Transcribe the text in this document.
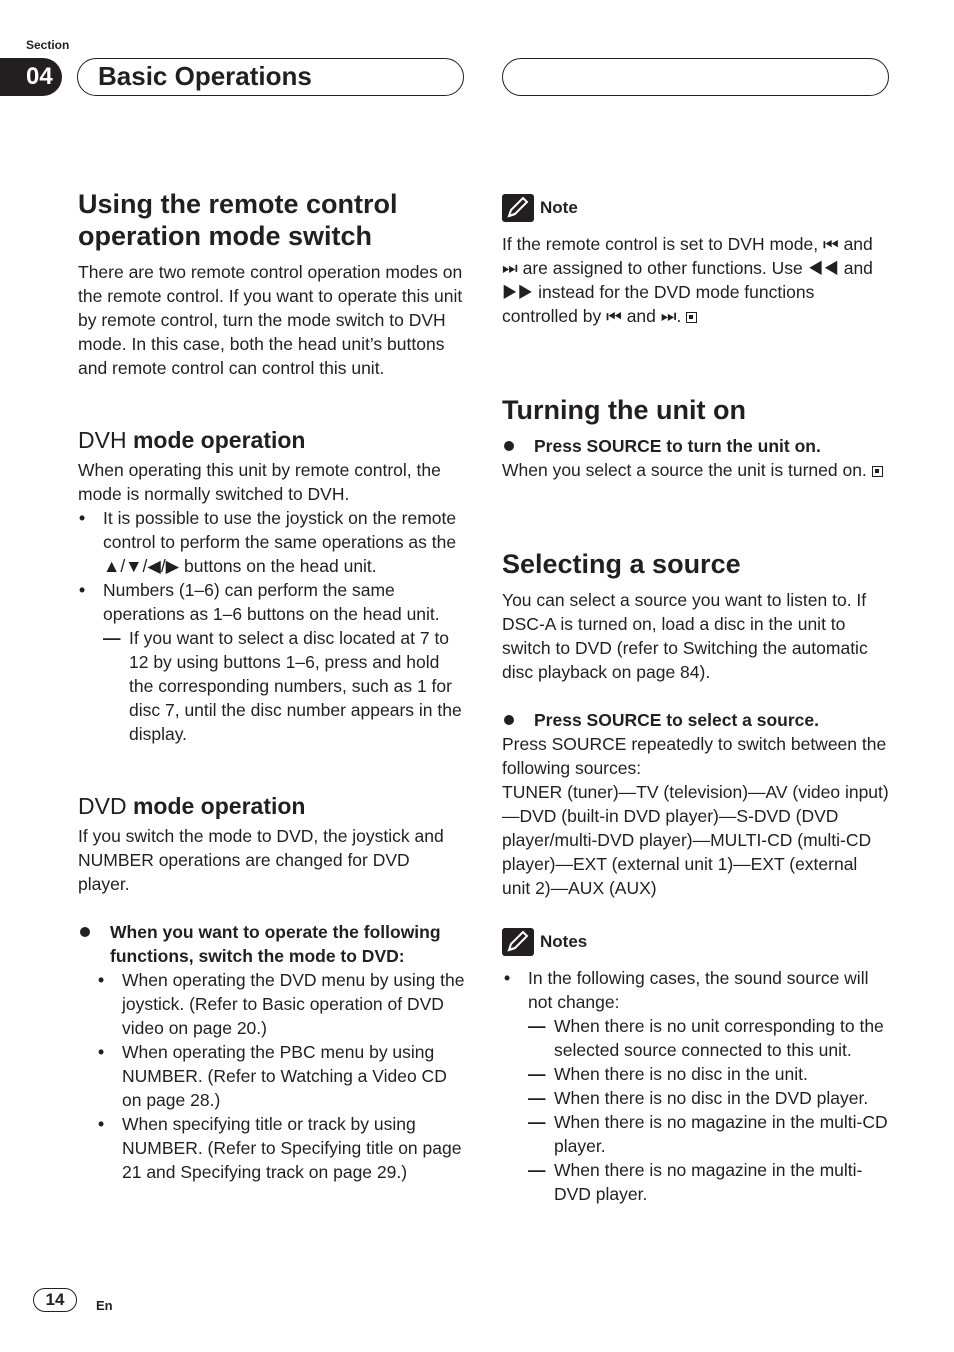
Section
04	Basic Operations
Using the remote control operation mode switch

There are two remote control operation modes on the remote control. If you want to operate this unit by remote control, turn the mode switch to DVH mode. In this case, both the head unit’s buttons and remote control can control this unit.

DVH mode operation

When operating this unit by remote control, the mode is normally switched to DVH.

• It is possible to use the joystick on the remote control to perform the same operations as the ▲/▼/◀/▶ buttons on the head unit.
• Numbers (1–6) can perform the same operations as 1–6 buttons on the head unit.
— If you want to select a disc located at 7 to 12 by using buttons 1–6, press and hold the corresponding numbers, such as 1 for disc 7, until the disc number appears in the display.
DVD mode operation

If you switch the mode to DVD, the joystick and NUMBER operations are changed for DVD player.

When you want to operate the following functions, switch the mode to DVD:

• When operating the DVD menu by using the joystick. (Refer to Basic operation of DVD video on page 20.)
• When operating the PBC menu by using NUMBER. (Refer to Watching a Video CD on page 28.)
• When specifying title or track by using NUMBER. (Refer to Specifying title on page 21 and Specifying track on page 29.)
Note

If the remote control is set to DVH mode, ⏮ and ⏭ are assigned to other functions. Use ◀◀ and ▶▶ instead for the DVD mode functions controlled by ⏮ and ⏭.

Turning the unit on

Press SOURCE to turn the unit on.

When you select a source the unit is turned on.

Selecting a source

You can select a source you want to listen to. If DSC-A is turned on, load a disc in the unit to switch to DVD (refer to Switching the automatic disc playback on page 84).

Press SOURCE to select a source.

Press SOURCE repeatedly to switch between the following sources:

TUNER (tuner)—TV (television)—AV (video input)—DVD (built-in DVD player)—S-DVD (DVD player/multi-DVD player)—MULTI-CD (multi-CD player)—EXT (external unit 1)—EXT (external unit 2)—AUX (AUX)

Notes
• In the following cases, the sound source will not change:
— When there is no unit corresponding to the selected source connected to this unit.
— When there is no disc in the unit.
— When there is no disc in the DVD player.
— When there is no magazine in the multi-CD player.
— When there is no magazine in the multi-DVD player.
14	En
